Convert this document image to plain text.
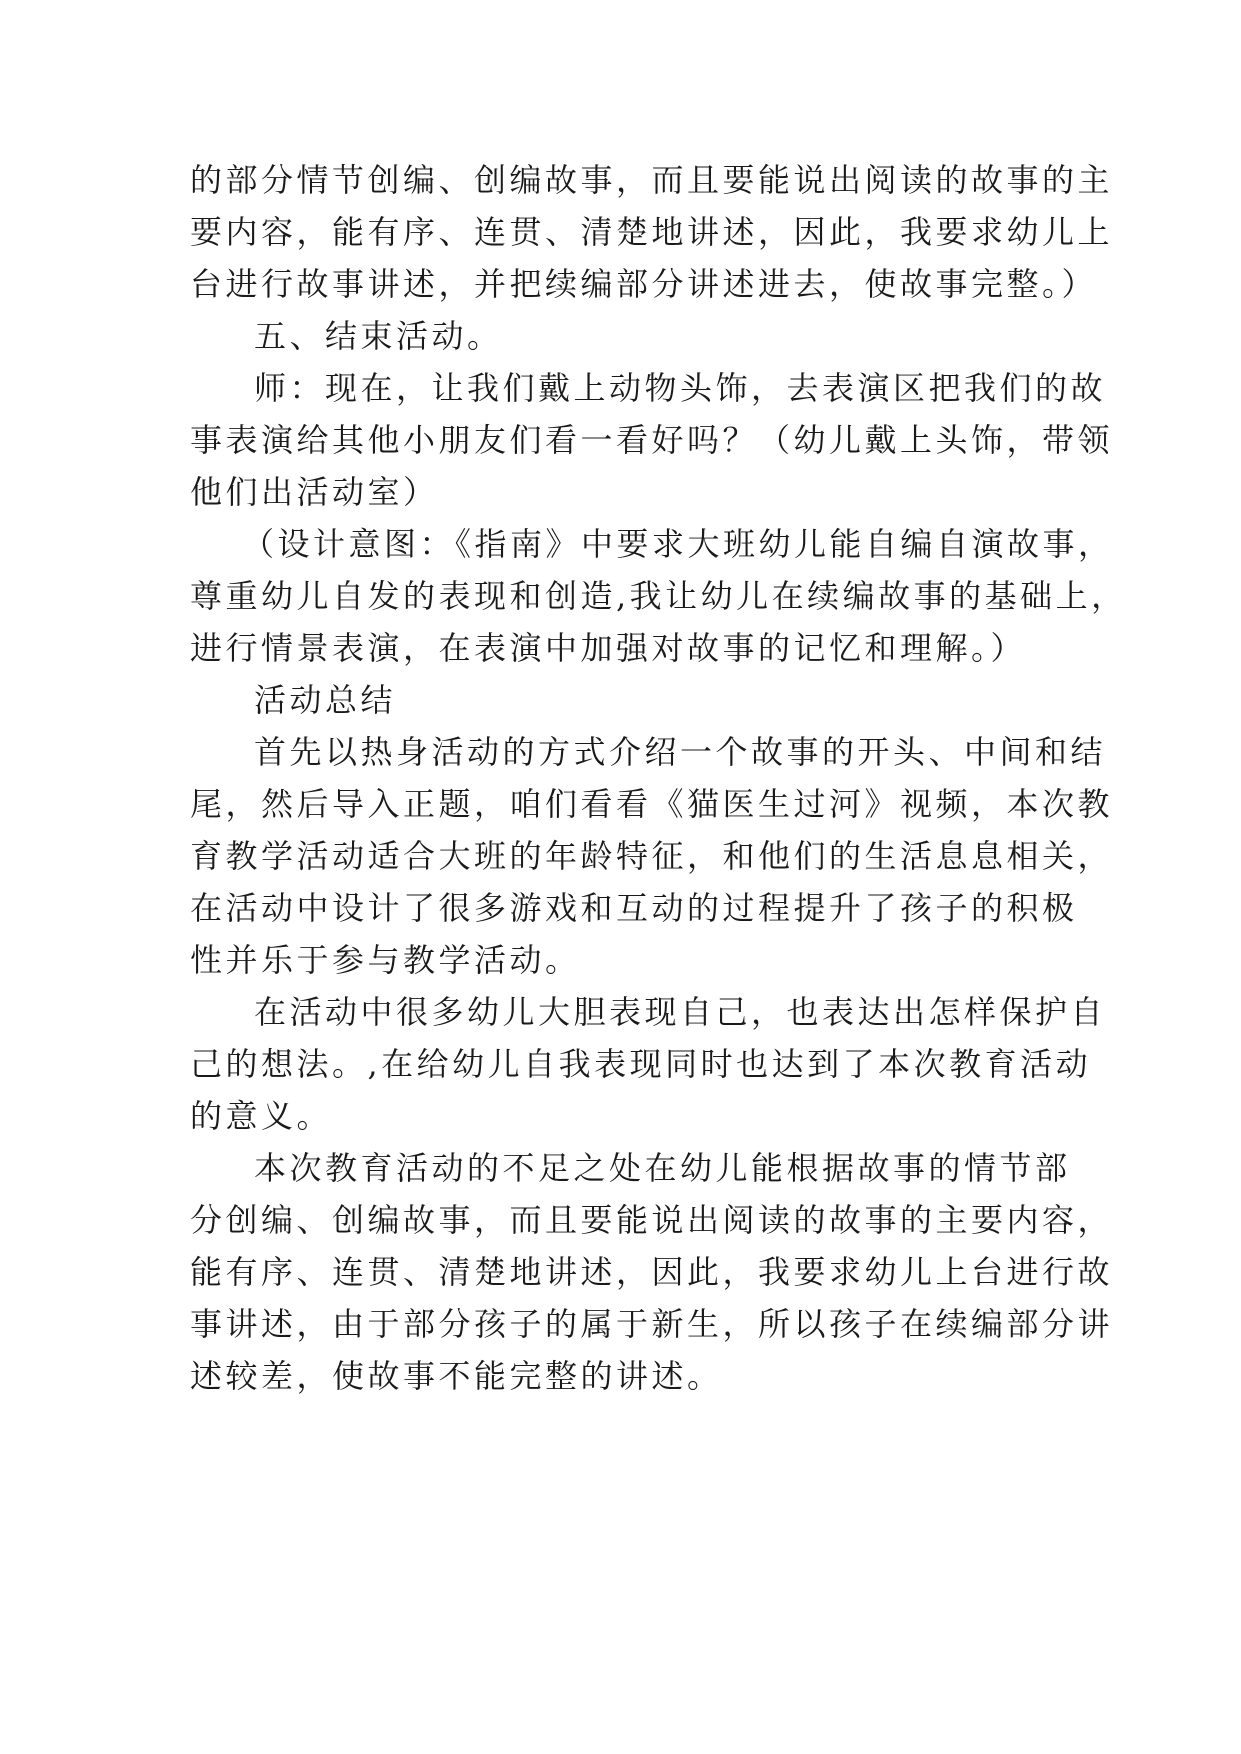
的部分情节创编、创编故事，而且要能说出阅读的故事的主
要内容，能有序、连贯、清楚地讲述，因此，我要求幼儿上
台进行故事讲述，并把续编部分讲述进去，使故事完整。）
五、结束活动。
师：现在，让我们戴上动物头饰，去表演区把我们的故
事表演给其他小朋友们看一看好吗？（幼儿戴上头饰，带领
他们出活动室）
（设计意图：《指南》中要求大班幼儿能自编自演故事，
尊重幼儿自发的表现和创造,我让幼儿在续编故事的基础上，
进行情景表演，在表演中加强对故事的记忆和理解。）
活动总结
首先以热身活动的方式介绍一个故事的开头、中间和结
尾，然后导入正题，咱们看看《猫医生过河》视频，本次教
育教学活动适合大班的年龄特征，和他们的生活息息相关，
在活动中设计了很多游戏和互动的过程提升了孩子的积极
性并乐于参与教学活动。
在活动中很多幼儿大胆表现自己，也表达出怎样保护自
己的想法。,在给幼儿自我表现同时也达到了本次教育活动
的意义。
本次教育活动的不足之处在幼儿能根据故事的情节部
分创编、创编故事，而且要能说出阅读的故事的主要内容，
能有序、连贯、清楚地讲述，因此，我要求幼儿上台进行故
事讲述，由于部分孩子的属于新生，所以孩子在续编部分讲
述较差，使故事不能完整的讲述。
